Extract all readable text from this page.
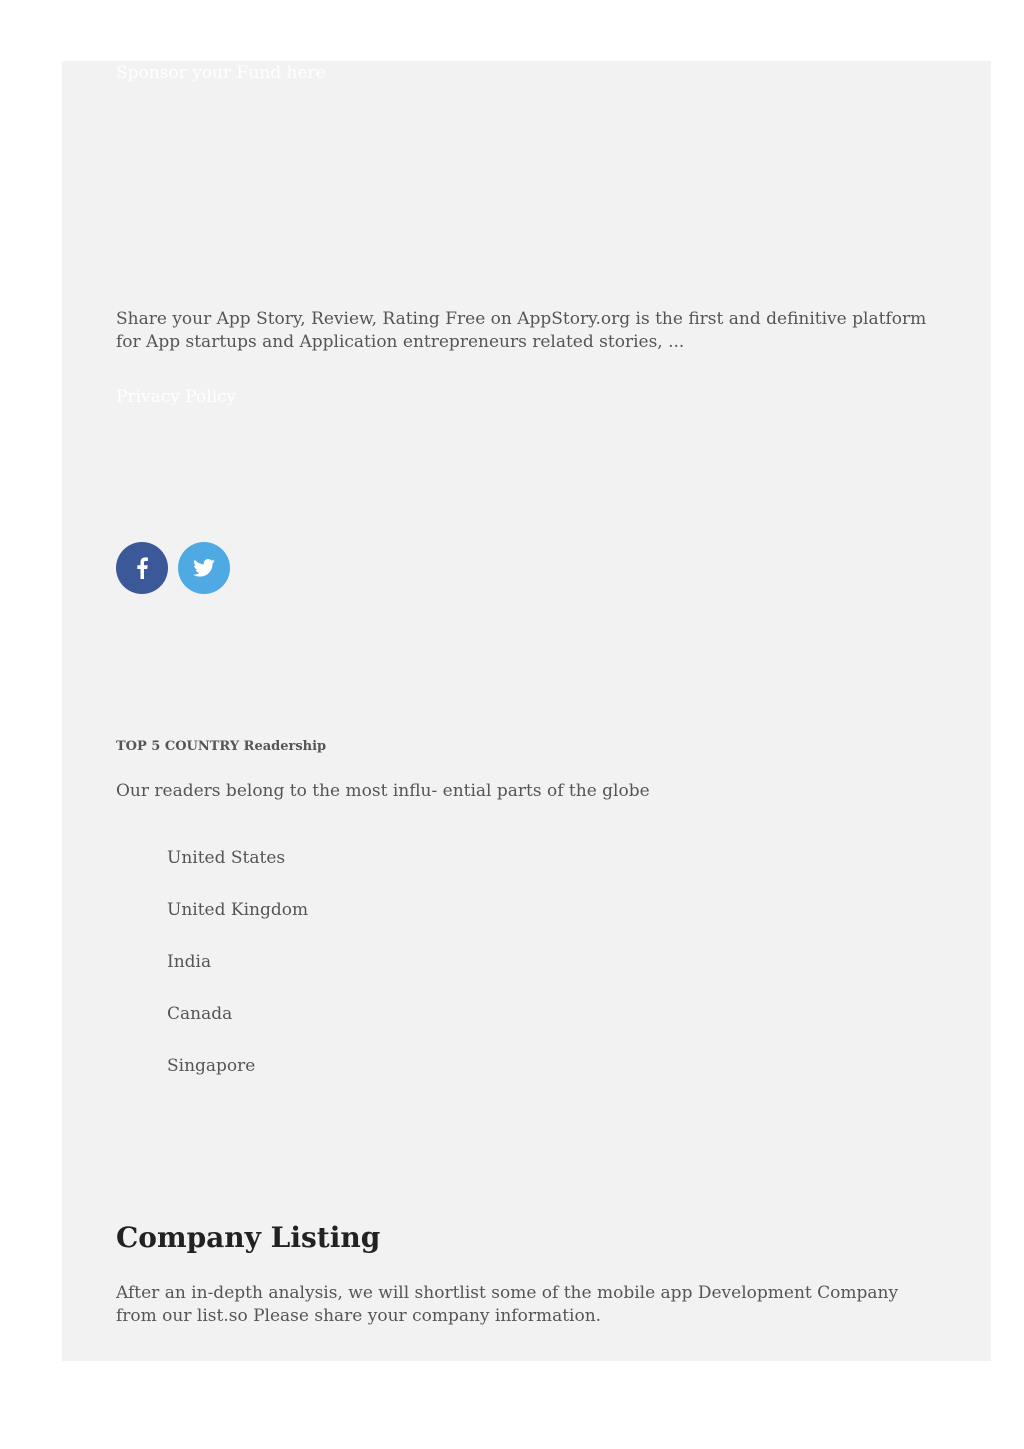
Sponsor your Fund here

Share your App Story, Review, Rating Free on AppStory.org is the first and definitive platform for App startups and Application entrepreneurs related stories, ...

Privacy Policy
TOP 5 COUNTRY Readership

Our readers belong to the most influ- ential parts of the globe

United States
United Kingdom
India
Canada
Singapore
Company Listing

After an in-depth analysis, we will shortlist some of the mobile app Development Company from our list.so Please share your company information.
